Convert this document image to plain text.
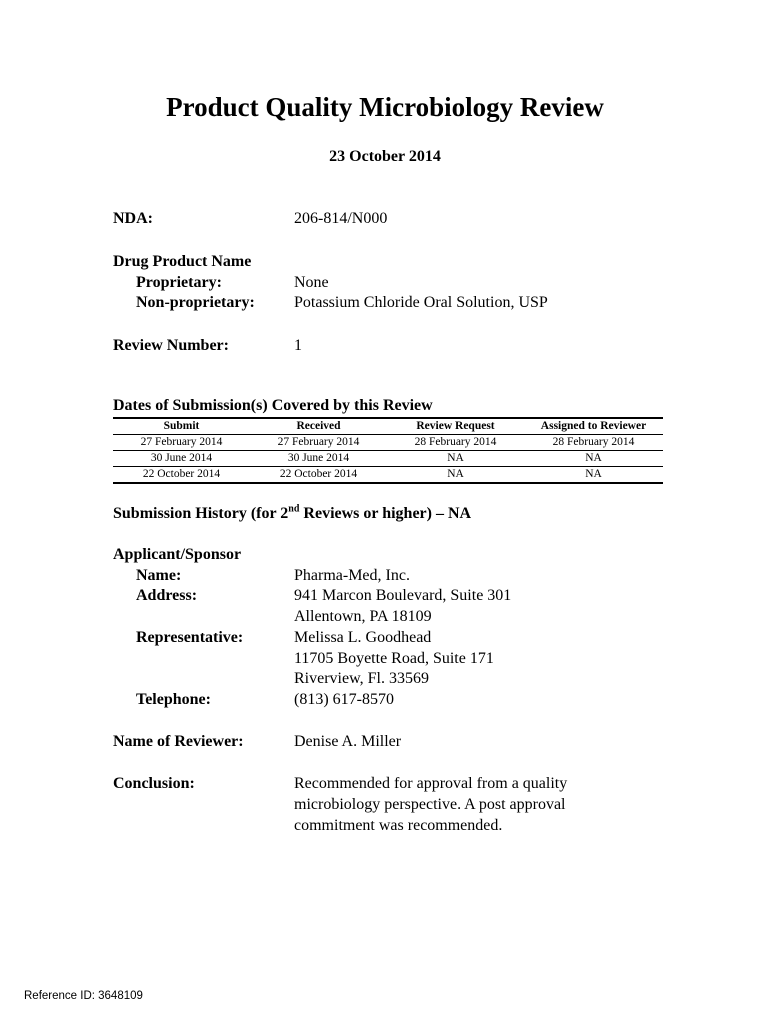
Product Quality Microbiology Review
23 October 2014
NDA:	206-814/N000
Drug Product Name
Proprietary:	None
Non-proprietary: Potassium Chloride Oral Solution, USP
Review Number:	1
Dates of Submission(s) Covered by this Review
Submit	Received	Review Request	Assigned to Reviewer
27 February 2014	27 February 2014	28 February 2014	28 February 2014
30 June 2014	30 June 2014	NA	NA
22 October 2014	22 October 2014	NA	NA
Submission History (for 2nd Reviews or higher) – NA
Applicant/Sponsor
Name:	Pharma-Med, Inc.
Address:	941 Marcon Boulevard, Suite 301
Allentown, PA 18109
Representative:	Melissa L. Goodhead
11705 Boyette Road, Suite 171
Riverview, Fl. 33569
Telephone:	(813) 617-8570
Name of Reviewer:	Denise A. Miller
Conclusion:	Recommended for approval from a quality
microbiology perspective. A post approval
commitment was recommended.
Reference ID: 3648109
